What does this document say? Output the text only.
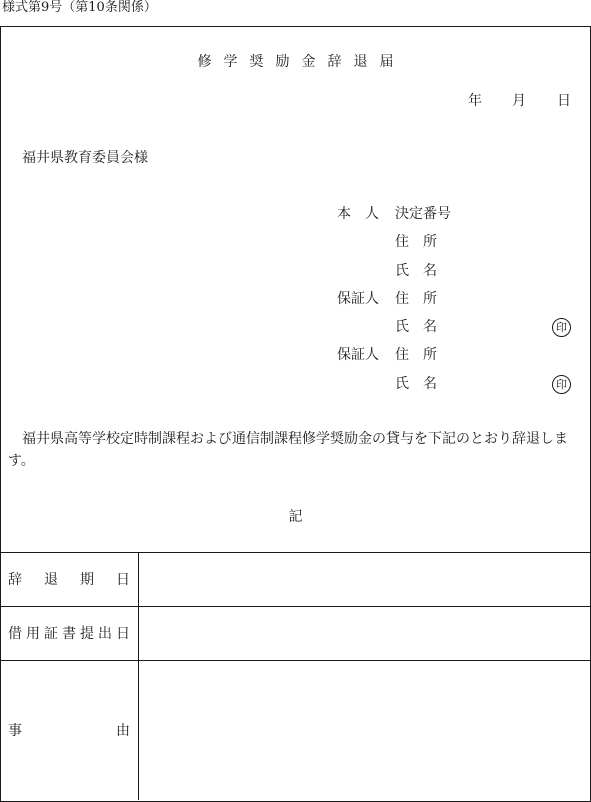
様式第9号（第10条関係）
修学奨励金辞退届
年 月 日
福井県教育委員会様
本　人 決定番号
住　所
氏　名
保証人 住　所
氏　名	印
保証人 住　所
氏　名	印
福井県高等学校定時制課程および通信制課程修学奨励金の貸与を下記のとおり辞退します。
記
辞 退 期 日
借 用 証 書 提 出 日
事	由
